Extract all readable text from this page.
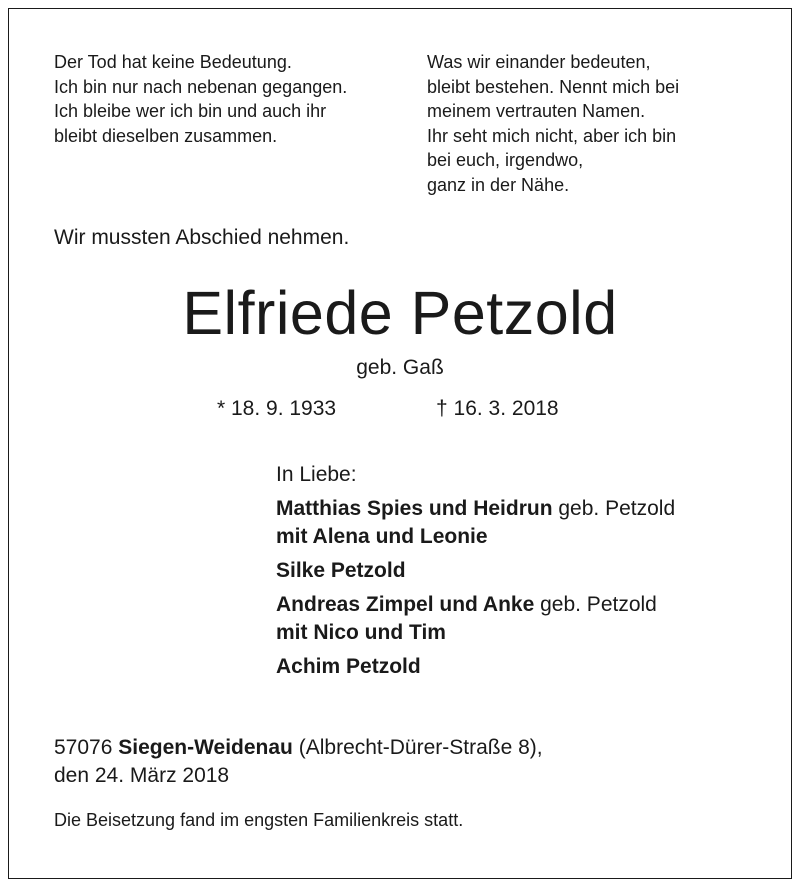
Der Tod hat keine Bedeutung.
Ich bin nur nach nebenan gegangen.
Ich bleibe wer ich bin und auch ihr
bleibt dieselben zusammen.
Was wir einander bedeuten,
bleibt bestehen. Nennt mich bei
meinem vertrauten Namen.
Ihr seht mich nicht, aber ich bin
bei euch, irgendwo,
ganz in der Nähe.
Wir mussten Abschied nehmen.
Elfriede Petzold
geb. Gaß
* 18. 9. 1933	† 16. 3. 2018
In Liebe:
Matthias Spies und Heidrun geb. Petzold
mit Alena und Leonie
Silke Petzold
Andreas Zimpel und Anke geb. Petzold
mit Nico und Tim
Achim Petzold
57076 Siegen-Weidenau (Albrecht-Dürer-Straße 8),
den 24. März 2018
Die Beisetzung fand im engsten Familienkreis statt.
